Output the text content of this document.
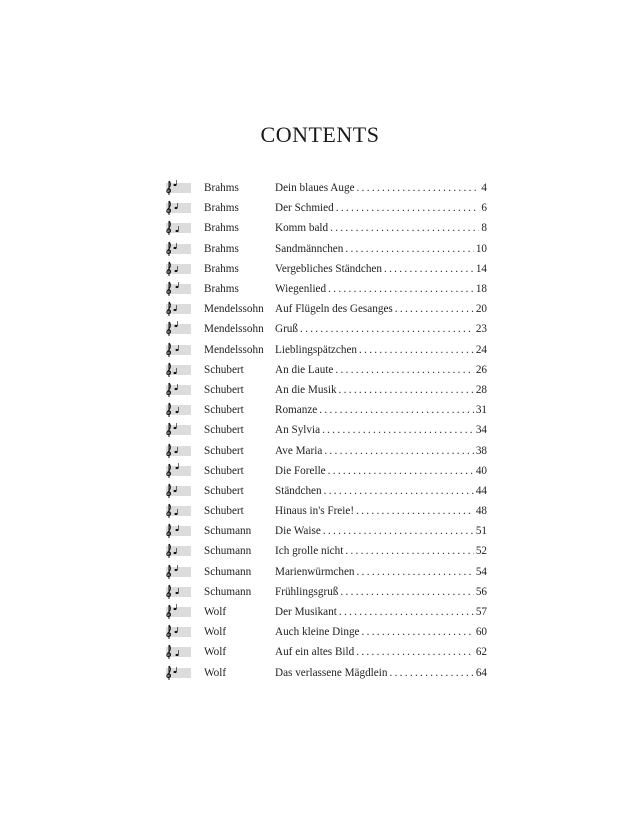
CONTENTS
Brahms	Dein blaues Auge . . .	4
Brahms	Der Schmied . . .	6
Brahms	Komm bald . . .	8
Brahms	Sandmännchen . . .	10
Brahms	Vergebliches Ständchen . . .	14
Brahms	Wiegenlied . . .	18
Mendelssohn	Auf Flügeln des Gesanges . . .	20
Mendelssohn	Gruß . . .	23
Mendelssohn	Lieblingspätzchen . . .	24
Schubert	An die Laute . . .	26
Schubert	An die Musik . . .	28
Schubert	Romanze . . .	31
Schubert	An Sylvia . . .	34
Schubert	Ave Maria . . .	38
Schubert	Die Forelle . . .	40
Schubert	Ständchen . . .	44
Schubert	Hinaus in's Freie! . . .	48
Schumann	Die Waise . . .	51
Schumann	Ich grolle nicht . . .	52
Schumann	Marienwürmchen . . .	54
Schumann	Frühlingsgruß . . .	56
Wolf	Der Musikant . . .	57
Wolf	Auch kleine Dinge . . .	60
Wolf	Auf ein altes Bild . . .	62
Wolf	Das verlassene Mägdlein . . .	64
